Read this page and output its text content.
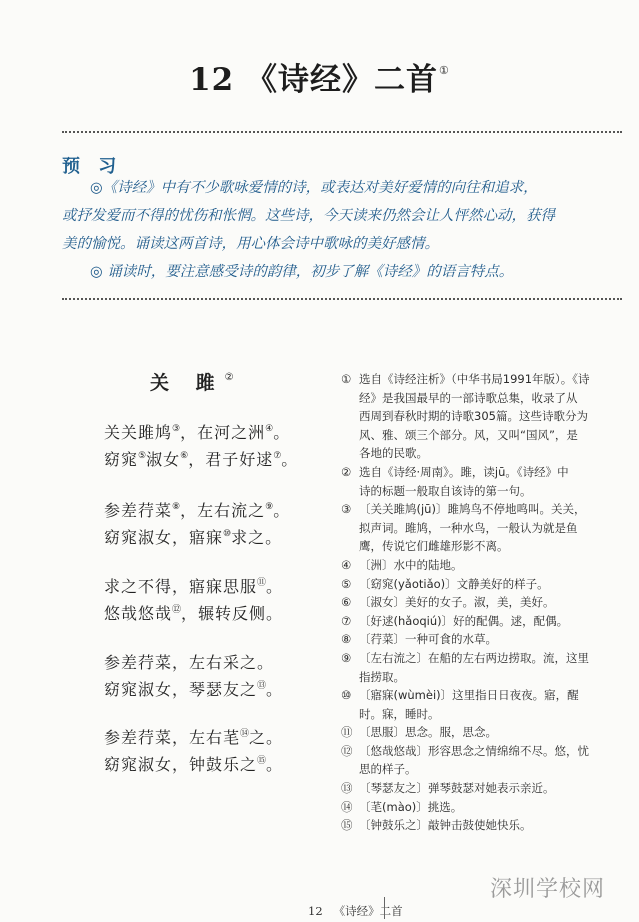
12 《诗经》二首①
预 习
◎《诗经》中有不少歌咏爱情的诗，或表达对美好爱情的向往和追求，
或抒发爱而不得的忧伤和怅惘。这些诗，今天读来仍然会让人怦然心动，获得
美的愉悦。诵读这两首诗，用心体会诗中歌咏的美好感情。
◎ 诵读时，要注意感受诗的韵律，初步了解《诗经》的语言特点。
关 雎②
关关雎鸠③，在河之洲④。
窈窕⑤淑女⑥，君子好逑⑦。
参差荇菜⑧，左右流之⑨。
窈窕淑女，寤寐⑩求之。
求之不得，寤寐思服⑪。
悠哉悠哉⑫，辗转反侧。
参差荇菜，左右采之。
窈窕淑女，琴瑟友之⑬。
参差荇菜，左右芼⑭之。
窈窕淑女，钟鼓乐之⑮。
① 选自《诗经注析》（中华书局1991年版）。《诗
经》是我国最早的一部诗歌总集，收录了从
西周到春秋时期的诗歌305篇。这些诗歌分为
风、雅、颂三个部分。风，又叫“国风”，是
各地的民歌。
② 选自《诗经·周南》。雎，读jū。《诗经》中
诗的标题一般取自该诗的第一句。
③ 〔关关雎鸠(jū)〕雎鸠鸟不停地鸣叫。关关，
拟声词。雎鸠，一种水鸟，一般认为就是鱼
鹰，传说它们雌雄形影不离。
④ 〔洲〕水中的陆地。
⑤ 〔窈窕(yǎotiǎo)〕文静美好的样子。
⑥ 〔淑女〕美好的女子。淑，美，美好。
⑦ 〔好逑(hǎoqiú)〕好的配偶。逑，配偶。
⑧ 〔荇菜〕一种可食的水草。
⑨ 〔左右流之〕在船的左右两边捞取。流，这里
指捞取。
⑩ 〔寤寐(wùmèi)〕这里指日日夜夜。寤，醒
时。寐，睡时。
⑪ 〔思服〕思念。服，思念。
⑫ 〔悠哉悠哉〕形容思念之情绵绵不尽。悠，忧
思的样子。
⑬ 〔琴瑟友之〕弹琴鼓瑟对她表示亲近。
⑭ 〔芼(mào)〕挑选。
⑮ 〔钟鼓乐之〕敲钟击鼓使她快乐。
12 《诗经》二首
深圳学校网
